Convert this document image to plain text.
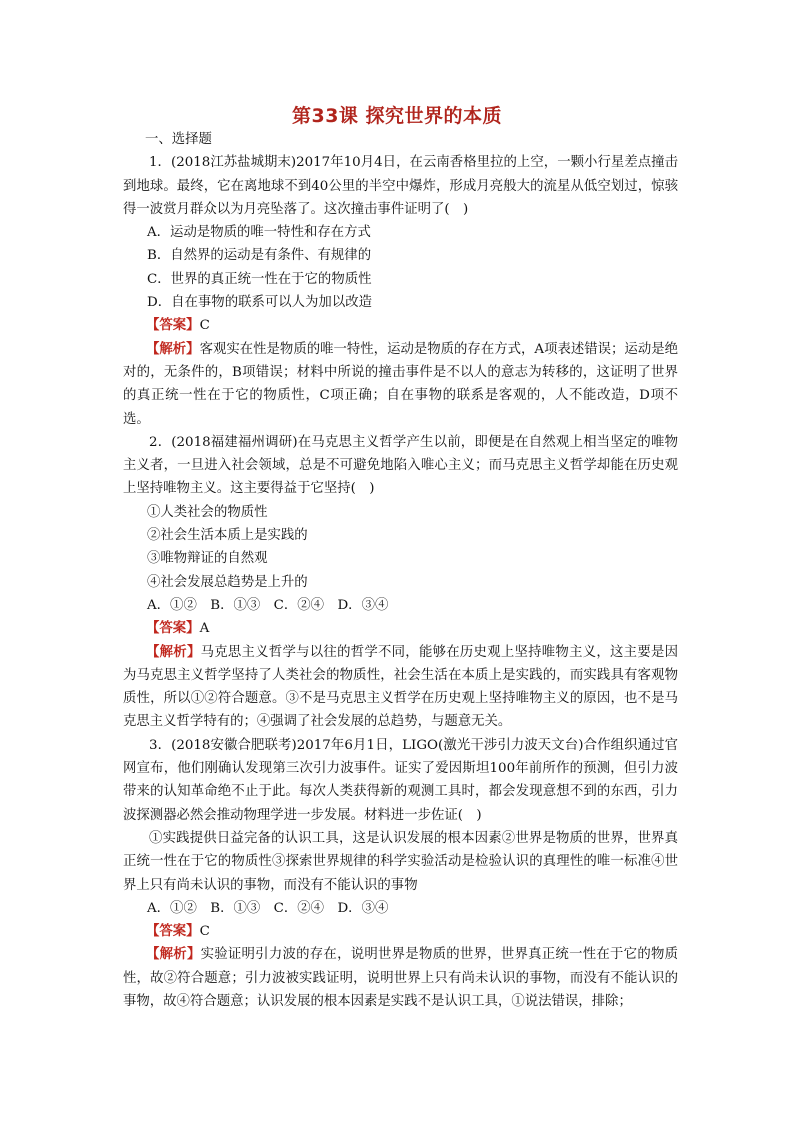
第33课 探究世界的本质

一、选择题

1．(2018江苏盐城期末)2017年10月4日，在云南香格里拉的上空，一颗小行星差点撞击到地球。最终，它在离地球不到40公里的半空中爆炸，形成月亮般大的流星从低空划过，惊骇得一波赏月群众以为月亮坠落了。这次撞击事件证明了(　)

A．运动是物质的唯一特性和存在方式

B．自然界的运动是有条件、有规律的

C．世界的真正统一性在于它的物质性

D．自在事物的联系可以人为加以改造

【答案】C

【解析】客观实在性是物质的唯一特性，运动是物质的存在方式，A项表述错误；运动是绝对的，无条件的，B项错误；材料中所说的撞击事件是不以人的意志为转移的，这证明了世界的真正统一性在于它的物质性，C项正确；自在事物的联系是客观的，人不能改造，D项不选。

2．(2018福建福州调研)在马克思主义哲学产生以前，即便是在自然观上相当坚定的唯物主义者，一旦进入社会领域，总是不可避免地陷入唯心主义；而马克思主义哲学却能在历史观上坚持唯物主义。这主要得益于它坚持(　)

①人类社会的物质性

②社会生活本质上是实践的

③唯物辩证的自然观

④社会发展总趋势是上升的

A．①②　B．①③　C．②④　D．③④

【答案】A

【解析】马克思主义哲学与以往的哲学不同，能够在历史观上坚持唯物主义，这主要是因为马克思主义哲学坚持了人类社会的物质性，社会生活在本质上是实践的，而实践具有客观物质性，所以①②符合题意。③不是马克思主义哲学在历史观上坚持唯物主义的原因，也不是马克思主义哲学特有的；④强调了社会发展的总趋势，与题意无关。

3．(2018安徽合肥联考)2017年6月1日，LIGO(激光干涉引力波天文台)合作组织通过官网宣布，他们刚确认发现第三次引力波事件。证实了爱因斯坦100年前所作的预测，但引力波带来的认知革命绝不止于此。每次人类获得新的观测工具时，都会发现意想不到的东西，引力波探测器必然会推动物理学进一步发展。材料进一步佐证(　)

①实践提供日益完备的认识工具，这是认识发展的根本因素②世界是物质的世界，世界真正统一性在于它的物质性③探索世界规律的科学实验活动是检验认识的真理性的唯一标准④世界上只有尚未认识的事物，而没有不能认识的事物

A．①②　B．①③　C．②④　D．③④

【答案】C

【解析】实验证明引力波的存在，说明世界是物质的世界，世界真正统一性在于它的物质性，故②符合题意；引力波被实践证明，说明世界上只有尚未认识的事物，而没有不能认识的事物，故④符合题意；认识发展的根本因素是实践不是认识工具，①说法错误，排除；
